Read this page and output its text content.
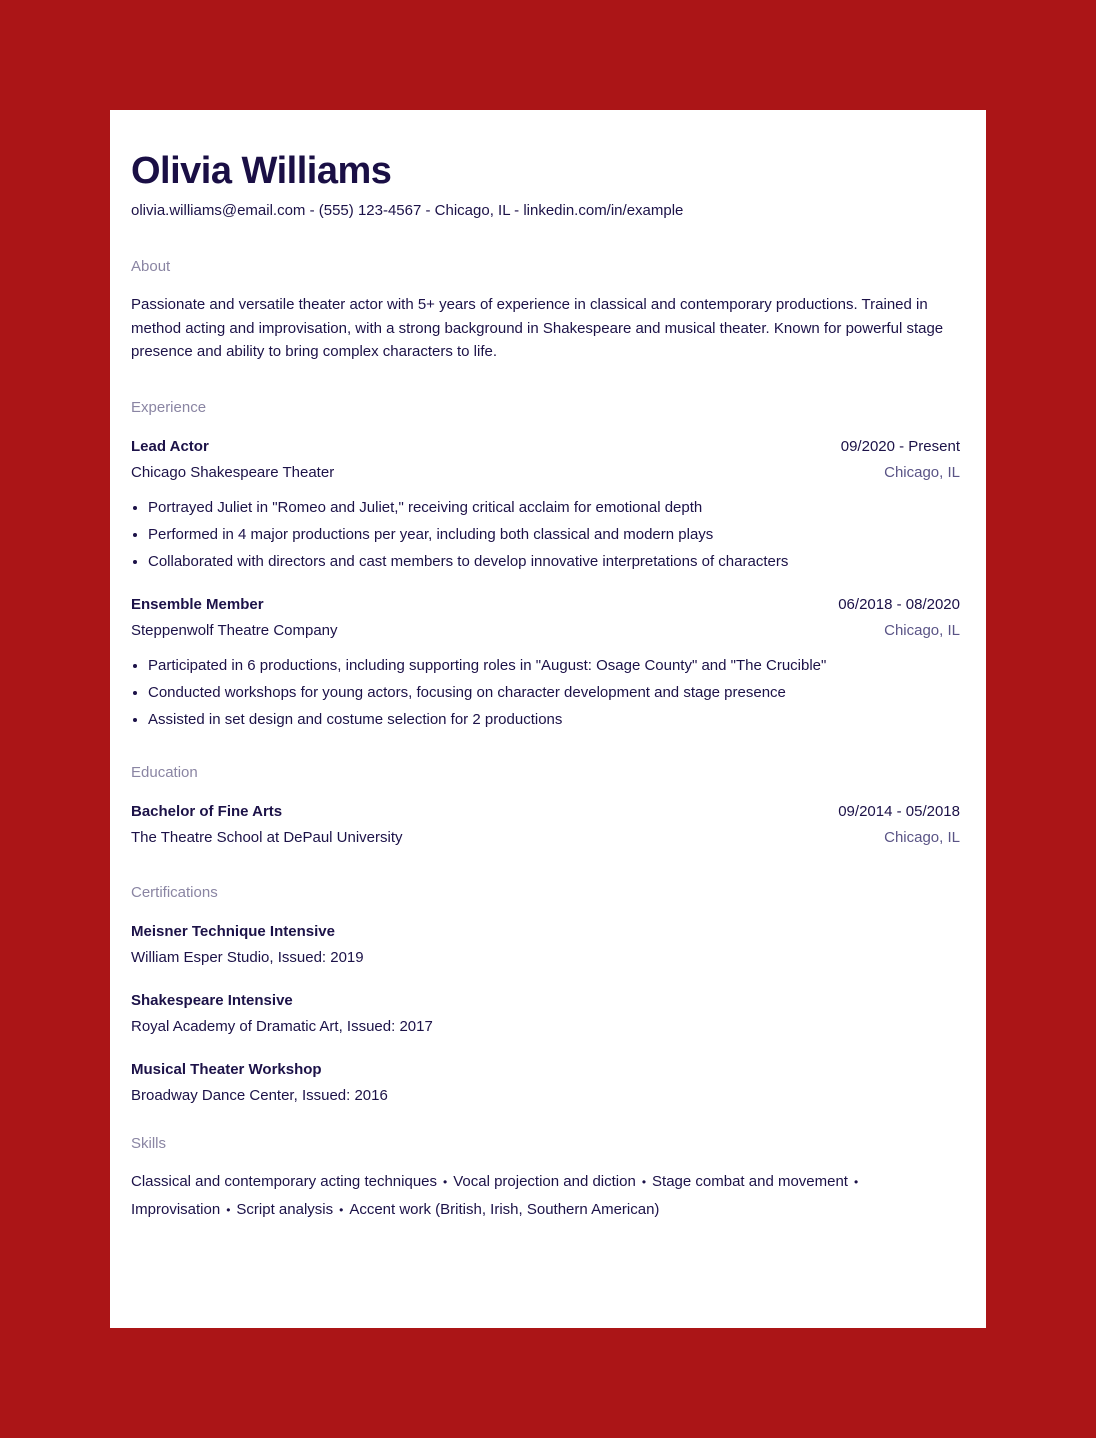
Olivia Williams
olivia.williams@email.com - (555) 123-4567 - Chicago, IL - linkedin.com/in/example
About
Passionate and versatile theater actor with 5+ years of experience in classical and contemporary productions. Trained in method acting and improvisation, with a strong background in Shakespeare and musical theater. Known for powerful stage presence and ability to bring complex characters to life.
Experience
Lead Actor	09/2020 - Present
Chicago Shakespeare Theater	Chicago, IL
• Portrayed Juliet in "Romeo and Juliet," receiving critical acclaim for emotional depth
• Performed in 4 major productions per year, including both classical and modern plays
• Collaborated with directors and cast members to develop innovative interpretations of characters
Ensemble Member	06/2018 - 08/2020
Steppenwolf Theatre Company	Chicago, IL
• Participated in 6 productions, including supporting roles in "August: Osage County" and "The Crucible"
• Conducted workshops for young actors, focusing on character development and stage presence
• Assisted in set design and costume selection for 2 productions
Education
Bachelor of Fine Arts	09/2014 - 05/2018
The Theatre School at DePaul University	Chicago, IL
Certifications
Meisner Technique Intensive
William Esper Studio, Issued: 2019
Shakespeare Intensive
Royal Academy of Dramatic Art, Issued: 2017
Musical Theater Workshop
Broadway Dance Center, Issued: 2016
Skills
Classical and contemporary acting techniques • Vocal projection and diction • Stage combat and movement •
Improvisation • Script analysis • Accent work (British, Irish, Southern American)
